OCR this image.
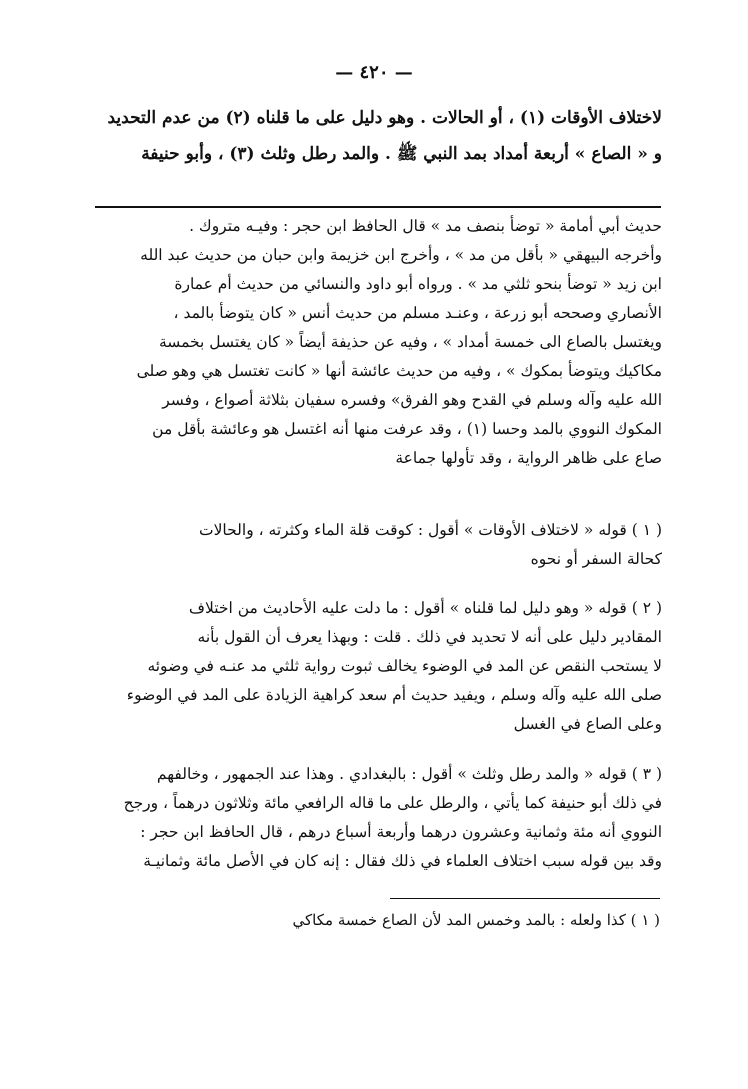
— ٤٢٠ —
لاختلاف الأوقات (١) ، أو الحالات . وهو دليل على ما قلناه (٢) من عدم التحديد
و « الصاع » أربعة أمداد بمد النبي ﷺ . والمد رطل وثلث (٣) ، وأبو حنيفة
حديث أبي أمامة « توضأ بنصف مد » قال الحافظ ابن حجر : وفيـه متروك .
وأخرجه البيهقي « بأقل من مد » ، وأخرج ابن خزيمة وابن حبان من حديث عبد الله
ابن زيد « توضأ بنحو ثلثي مد » . ورواه أبو داود والنسائي من حديث أم عمارة
الأنصاري وصححه أبو زرعة ، وعنـد مسلم من حديث أنس « كان يتوضأ بالمد ،
ويغتسل بالصاع الى خمسة أمداد » ، وفيه عن حذيفة أيضاً « كان يغتسل بخمسة
مكاكيك ويتوضأ بمكوك » ، وفيه من حديث عائشة أنها « كانت تغتسل هي وهو صلى
الله عليه وآله وسلم في القدح وهو الفرق» وفسره سفيان بثلاثة أصواع ، وفسر
المكوك النووي بالمد وحسا (١) ، وقد عرفت منها أنه اغتسل هو وعائشة بأقل من
صاع على ظاهر الرواية ، وقد تأولها جماعة
( ١ ) قوله « لاختلاف الأوقات » أقول : كوقت قلة الماء وكثرته ، والحالات
كحالة السفر أو نحوه
( ٢ ) قوله « وهو دليل لما قلناه » أقول : ما دلت عليه الأحاديث من اختلاف
المقادير دليل على أنه لا تحديد في ذلك . قلت : وبهذا يعرف أن القول بأنه
لا يستحب النقص عن المد في الوضوء يخالف ثبوت رواية ثلثي مد عنـه في وضوئه
صلى الله عليه وآله وسلم ، ويفيد حديث أم سعد كراهية الزيادة على المد في الوضوء
وعلى الصاع في الغسل
( ٣ ) قوله « والمد رطل وثلث » أقول : بالبغدادي . وهذا عند الجمهور ، وخالفهم
في ذلك أبو حنيفة كما يأتي ، والرطل على ما قاله الرافعي مائة وثلاثون درهماً ، ورجح
النووي أنه مئة وثمانية وعشرون درهما وأربعة أسباع درهم ، قال الحافظ ابن حجر :
وقد بين قوله سبب اختلاف العلماء في ذلك فقال : إنه كان في الأصل مائة وثمانيـة
( ١ ) كذا ولعله : بالمد وخمس المد لأن الصاع خمسة مكاكي
